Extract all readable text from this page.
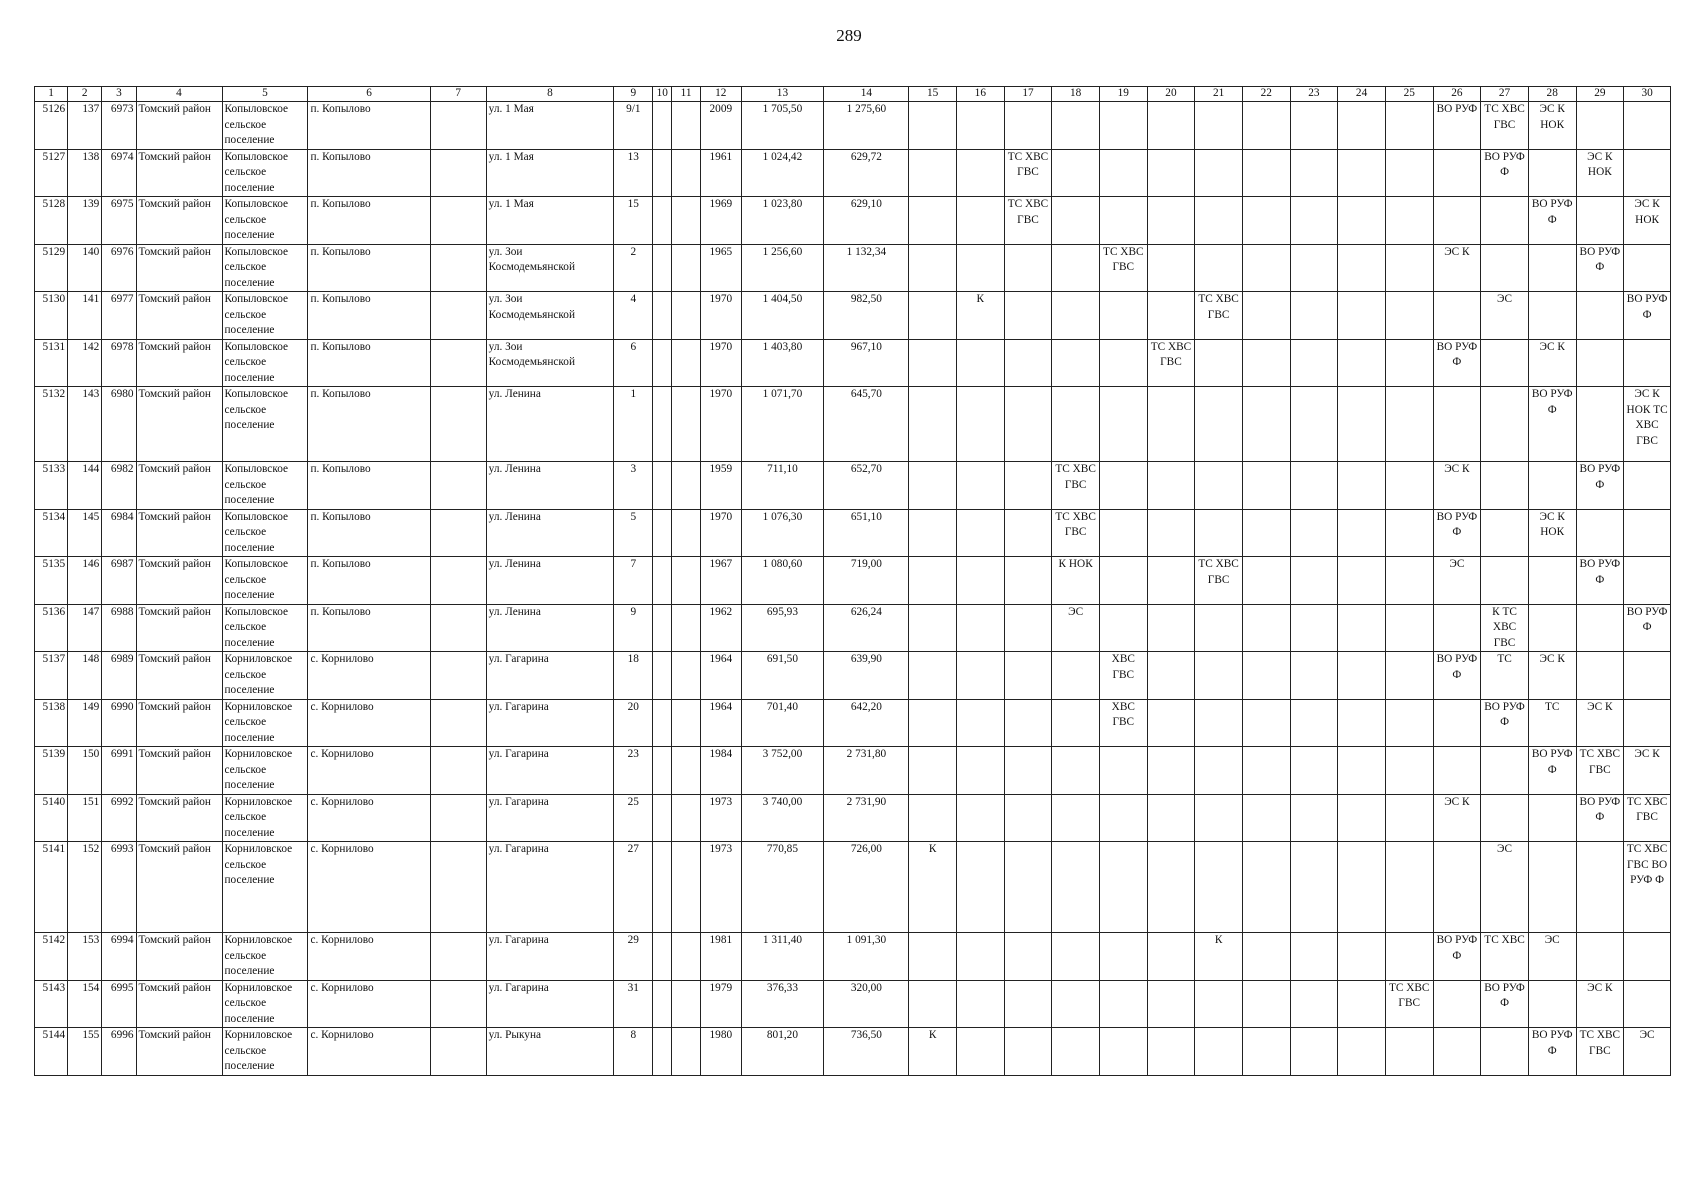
289
1	2	3	4	5	6	7	8	9	10	11	12	13	14	15	16	17	18	19	20	21	22	23	24	25	26	27	28	29	30
5126	137	6973	Томский район	Копыловское сельское поселение	п. Копылово		ул. 1 Мая	9/1			2009	1 705,50	1 275,60												ВО РУФ	ТС ХВС ГВС	ЭС К НОК		
5127	138	6974	Томский район	Копыловское сельское поселение	п. Копылово		ул. 1 Мая	13			1961	1 024,42	629,72			ТС ХВС ГВС										ВО РУФ Ф		ЭС К НОК	
5128	139	6975	Томский район	Копыловское сельское поселение	п. Копылово		ул. 1 Мая	15			1969	1 023,80	629,10			ТС ХВС ГВС											ВО РУФ Ф		ЭС К НОК
5129	140	6976	Томский район	Копыловское сельское поселение	п. Копылово		ул. Зои Космодемьянской	2			1965	1 256,60	1 132,34					ТС ХВС ГВС							ЭС К			ВО РУФ Ф	
5130	141	6977	Томский район	Копыловское сельское поселение	п. Копылово		ул. Зои Космодемьянской	4			1970	1 404,50	982,50		К					ТС ХВС ГВС						ЭС			ВО РУФ Ф
5131	142	6978	Томский район	Копыловское сельское поселение	п. Копылово		ул. Зои Космодемьянской	6			1970	1 403,80	967,10						ТС ХВС ГВС						ВО РУФ Ф		ЭС К		
5132	143	6980	Томский район	Копыловское сельское поселение	п. Копылово		ул. Ленина	1			1970	1 071,70	645,70														ВО РУФ Ф		ЭС К НОК ТС ХВС ГВС
5133	144	6982	Томский район	Копыловское сельское поселение	п. Копылово		ул. Ленина	3			1959	711,10	652,70				ТС ХВС ГВС								ЭС К			ВО РУФ Ф	
5134	145	6984	Томский район	Копыловское сельское поселение	п. Копылово		ул. Ленина	5			1970	1 076,30	651,10				ТС ХВС ГВС								ВО РУФ Ф		ЭС К НОК		
5135	146	6987	Томский район	Копыловское сельское поселение	п. Копылово		ул. Ленина	7			1967	1 080,60	719,00				К НОК			ТС ХВС ГВС					ЭС			ВО РУФ Ф	
5136	147	6988	Томский район	Копыловское сельское поселение	п. Копылово		ул. Ленина	9			1962	695,93	626,24				ЭС									К ТС ХВС ГВС			ВО РУФ Ф
5137	148	6989	Томский район	Корниловское сельское поселение	с. Корнилово		ул. Гагарина	18			1964	691,50	639,90					ХВС ГВС							ВО РУФ Ф	ТС	ЭС К		
5138	149	6990	Томский район	Корниловское сельское поселение	с. Корнилово		ул. Гагарина	20			1964	701,40	642,20					ХВС ГВС								ВО РУФ Ф	ТС	ЭС К	
5139	150	6991	Томский район	Корниловское сельское поселение	с. Корнилово		ул. Гагарина	23			1984	3 752,00	2 731,80														ВО РУФ Ф	ТС ХВС ГВС	ЭС К
5140	151	6992	Томский район	Корниловское сельское поселение	с. Корнилово		ул. Гагарина	25			1973	3 740,00	2 731,90												ЭС К			ВО РУФ Ф	ТС ХВС ГВС
5141	152	6993	Томский район	Корниловское сельское поселение	с. Корнилово		ул. Гагарина	27			1973	770,85	726,00	К												ЭС			ТС ХВС ГВС ВО РУФ Ф
5142	153	6994	Томский район	Корниловское сельское поселение	с. Корнилово		ул. Гагарина	29			1981	1 311,40	1 091,30							К					ВО РУФ Ф	ТС ХВС	ЭС		
5143	154	6995	Томский район	Корниловское сельское поселение	с. Корнилово		ул. Гагарина	31			1979	376,33	320,00											ТС ХВС ГВС		ВО РУФ Ф		ЭС К	
5144	155	6996	Томский район	Корниловское сельское поселение	с. Корнилово		ул. Рыкуна	8			1980	801,20	736,50	К													ВО РУФ Ф	ТС ХВС ГВС	ЭС
